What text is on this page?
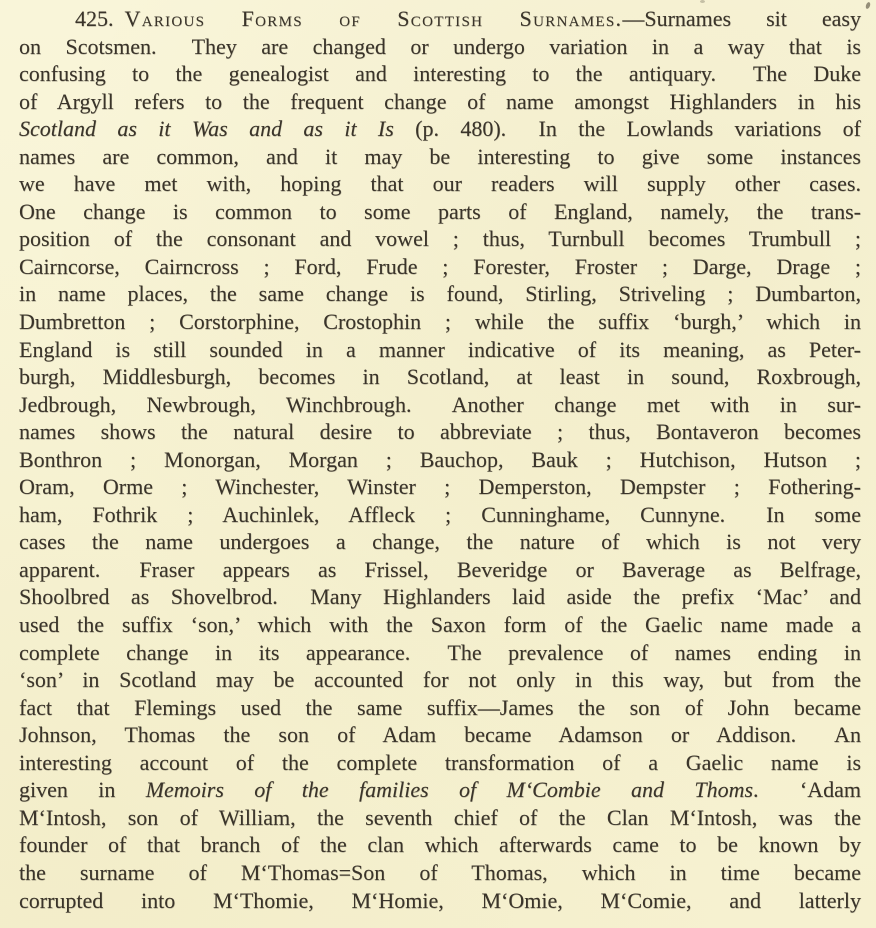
425. Various Forms of Scottish Surnames.—Surnames sit easy
on Scotsmen.  They are changed or undergo variation in a way that is
confusing to the genealogist and interesting to the antiquary.  The Duke
of Argyll refers to the frequent change of name amongst Highlanders in his
Scotland as it Was and as it Is (p. 480).  In the Lowlands variations of
names are common, and it may be interesting to give some instances
we have met with, hoping that our readers will supply other cases.
One change is common to some parts of England, namely, the trans-
position of the consonant and vowel ; thus, Turnbull becomes Trumbull ;
Cairncorse, Cairncross ; Ford, Frude ; Forester, Froster ; Darge, Drage ;
in name places, the same change is found, Stirling, Striveling ; Dumbarton,
Dumbretton ; Corstorphine, Crostophin ; while the suffix ‘burgh,’ which in
England is still sounded in a manner indicative of its meaning, as Peter-
burgh, Middlesburgh, becomes in Scotland, at least in sound, Roxbrough,
Jedbrough, Newbrough, Winchbrough.  Another change met with in sur-
names shows the natural desire to abbreviate ; thus, Bontaveron becomes
Bonthron ; Monorgan, Morgan ; Bauchop, Bauk ; Hutchison, Hutson ;
Oram, Orme ; Winchester, Winster ; Demperston, Dempster ; Fothering-
ham, Fothrik ; Auchinlek, Affleck ; Cunninghame, Cunnyne.  In some
cases the name undergoes a change, the nature of which is not very
apparent.  Fraser appears as Frissel, Beveridge or Baverage as Belfrage,
Shoolbred as Shovelbrod.  Many Highlanders laid aside the prefix ‘Mac’ and
used the suffix ‘son,’ which with the Saxon form of the Gaelic name made a
complete change in its appearance.  The prevalence of names ending in
‘son’ in Scotland may be accounted for not only in this way, but from the
fact that Flemings used the same suffix—James the son of John became
Johnson, Thomas the son of Adam became Adamson or Addison.  An
interesting account of the complete transformation of a Gaelic name is
given in Memoirs of the families of M‘Combie and Thoms.  ‘Adam
M‘Intosh, son of William, the seventh chief of the Clan M‘Intosh, was the
founder of that branch of the clan which afterwards came to be known by
the surname of M‘Thomas=Son of Thomas, which in time became
corrupted into M‘Thomie, M‘Homie, M‘Omie, M‘Comie, and latterly
